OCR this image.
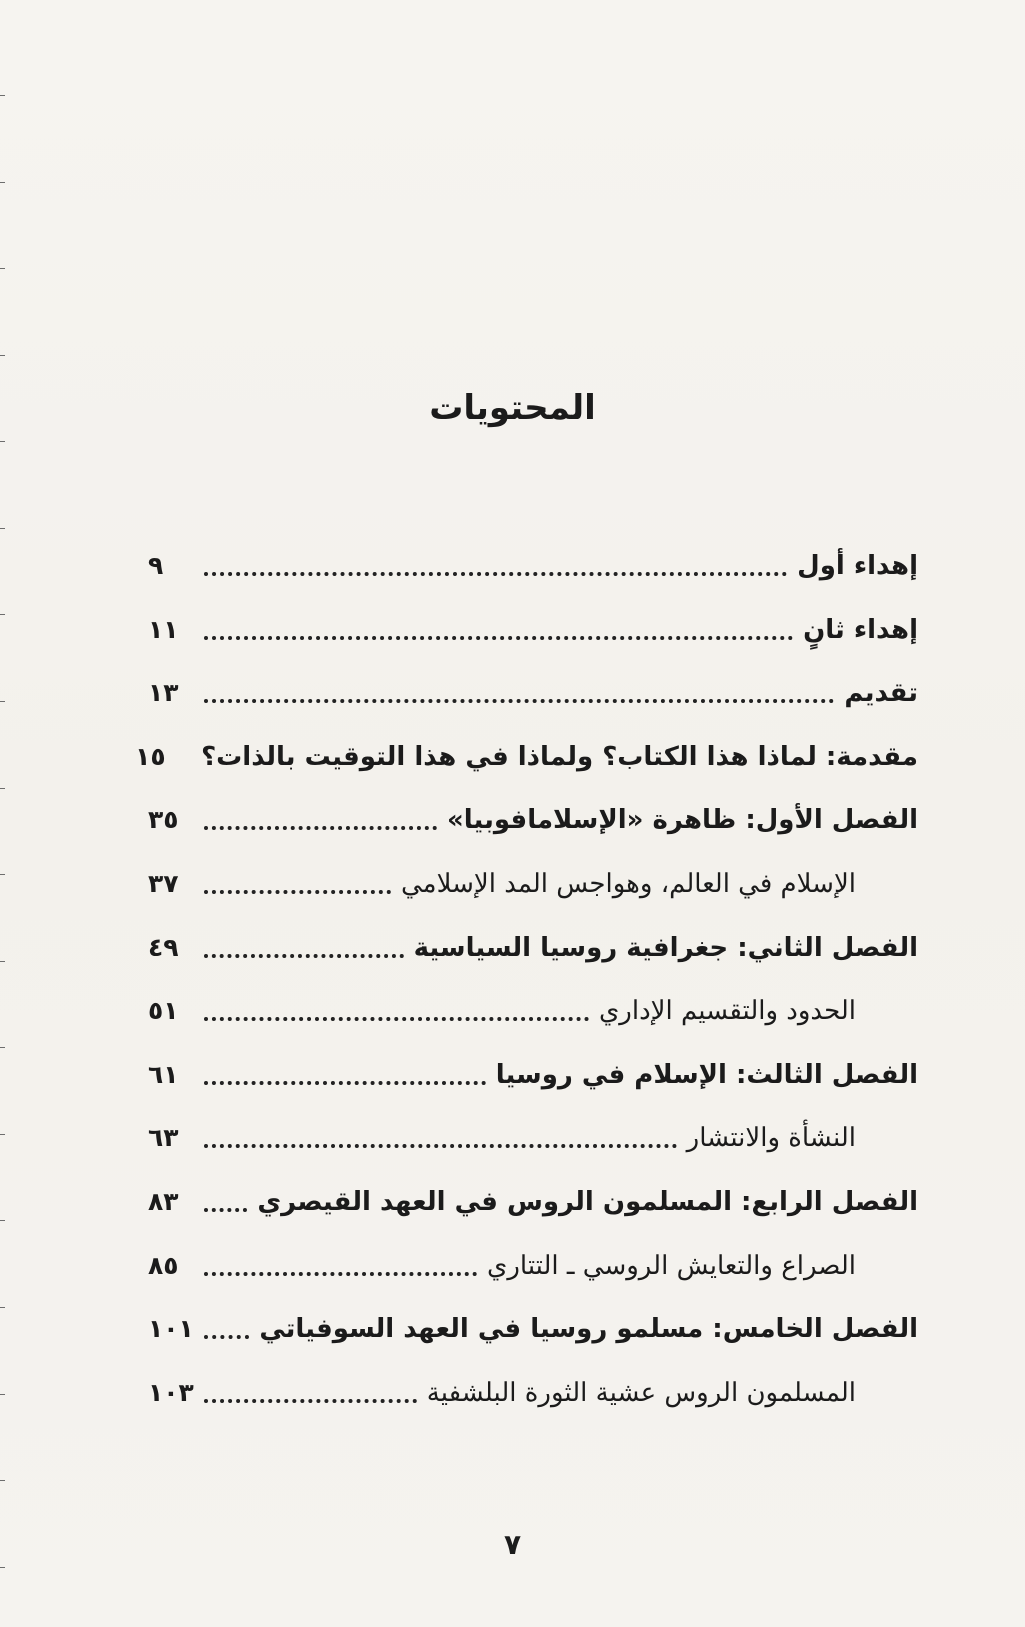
المحتويات
إهداء أول
٩
إهداء ثانٍ
١١
تقديم
١٣
مقدمة: لماذا هذا الكتاب؟ ولماذا في هذا التوقيت بالذات؟
١٥
الفصل الأول: ظاهرة «الإسلامافوبيا»
٣٥
الإسلام في العالم، وهواجس المد الإسلامي
٣٧
الفصل الثاني: جغرافية روسيا السياسية
٤٩
الحدود والتقسيم الإداري
٥١
الفصل الثالث: الإسلام في روسيا
٦١
النشأة والانتشار
٦٣
الفصل الرابع: المسلمون الروس في العهد القيصري
٨٣
الصراع والتعايش الروسي ـ التتاري
٨٥
الفصل الخامس: مسلمو روسيا في العهد السوفياتي
١٠١
المسلمون الروس عشية الثورة البلشفية
١٠٣
٧
